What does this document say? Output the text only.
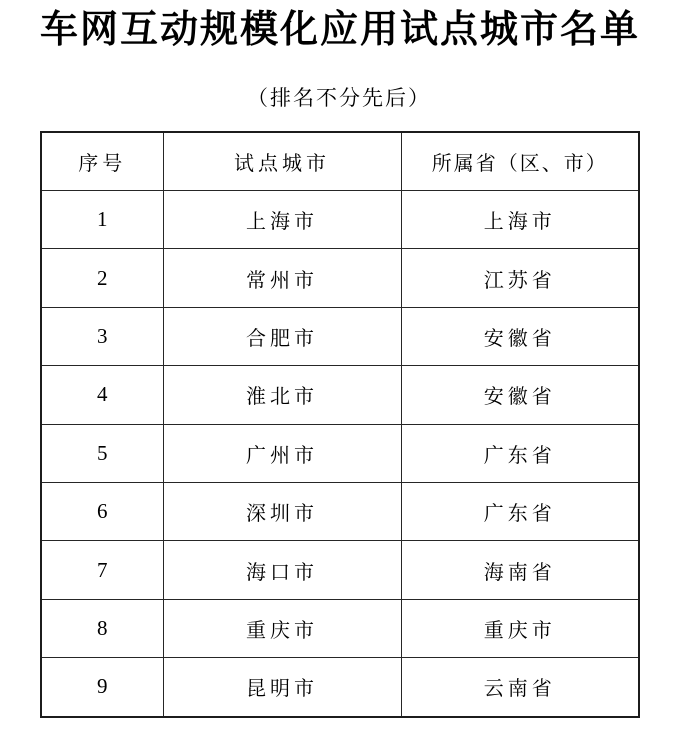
车网互动规模化应用试点城市名单
（排名不分先后）
序号	试点城市	所属省（区、市）
1	上海市	上海市
2	常州市	江苏省
3	合肥市	安徽省
4	淮北市	安徽省
5	广州市	广东省
6	深圳市	广东省
7	海口市	海南省
8	重庆市	重庆市
9	昆明市	云南省
